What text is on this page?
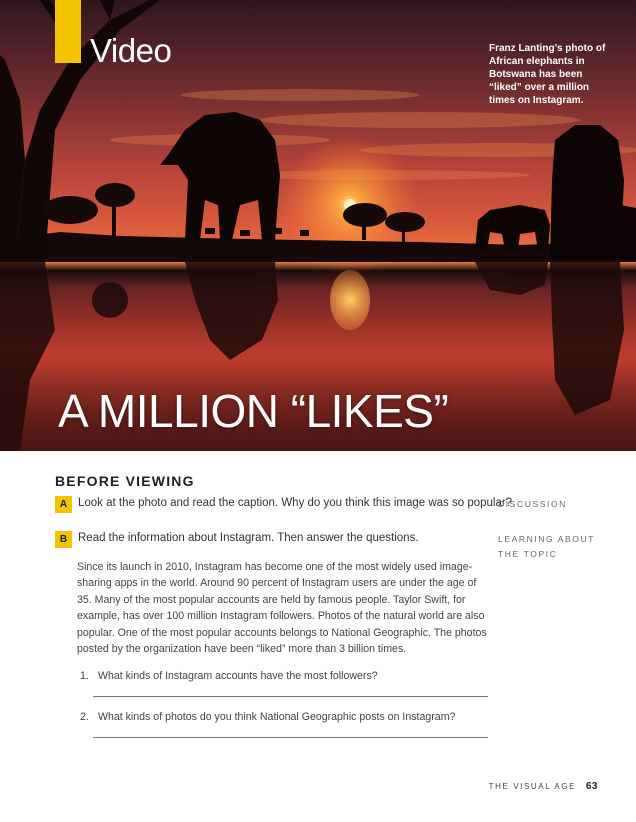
Video	Franz Lanting’s photo of African elephants in Botswana has been “liked” over a million times on Instagram.
A MILLION “LIKES”
BEFORE VIEWING
A Look at the photo and read the caption. Why do you think this image was so popular?
DISCUSSION
B Read the information about Instagram. Then answer the questions.	LEARNING ABOUT
THE TOPIC

Since its launch in 2010, Instagram has become one of the most widely used image-sharing apps in the world. Around 90 percent of Instagram users are under the age of 35. Many of the most popular accounts are held by famous people. Taylor Swift, for example, has over 100 million Instagram followers. Photos of the natural world are also popular. One of the most popular accounts belongs to National Geographic. The photos posted by the organization have been “liked” more than 3 billion times.

1. What kinds of Instagram accounts have the most followers?
2. What kinds of photos do you think National Geographic posts on Instagram?
THE VISUAL AGE 63
